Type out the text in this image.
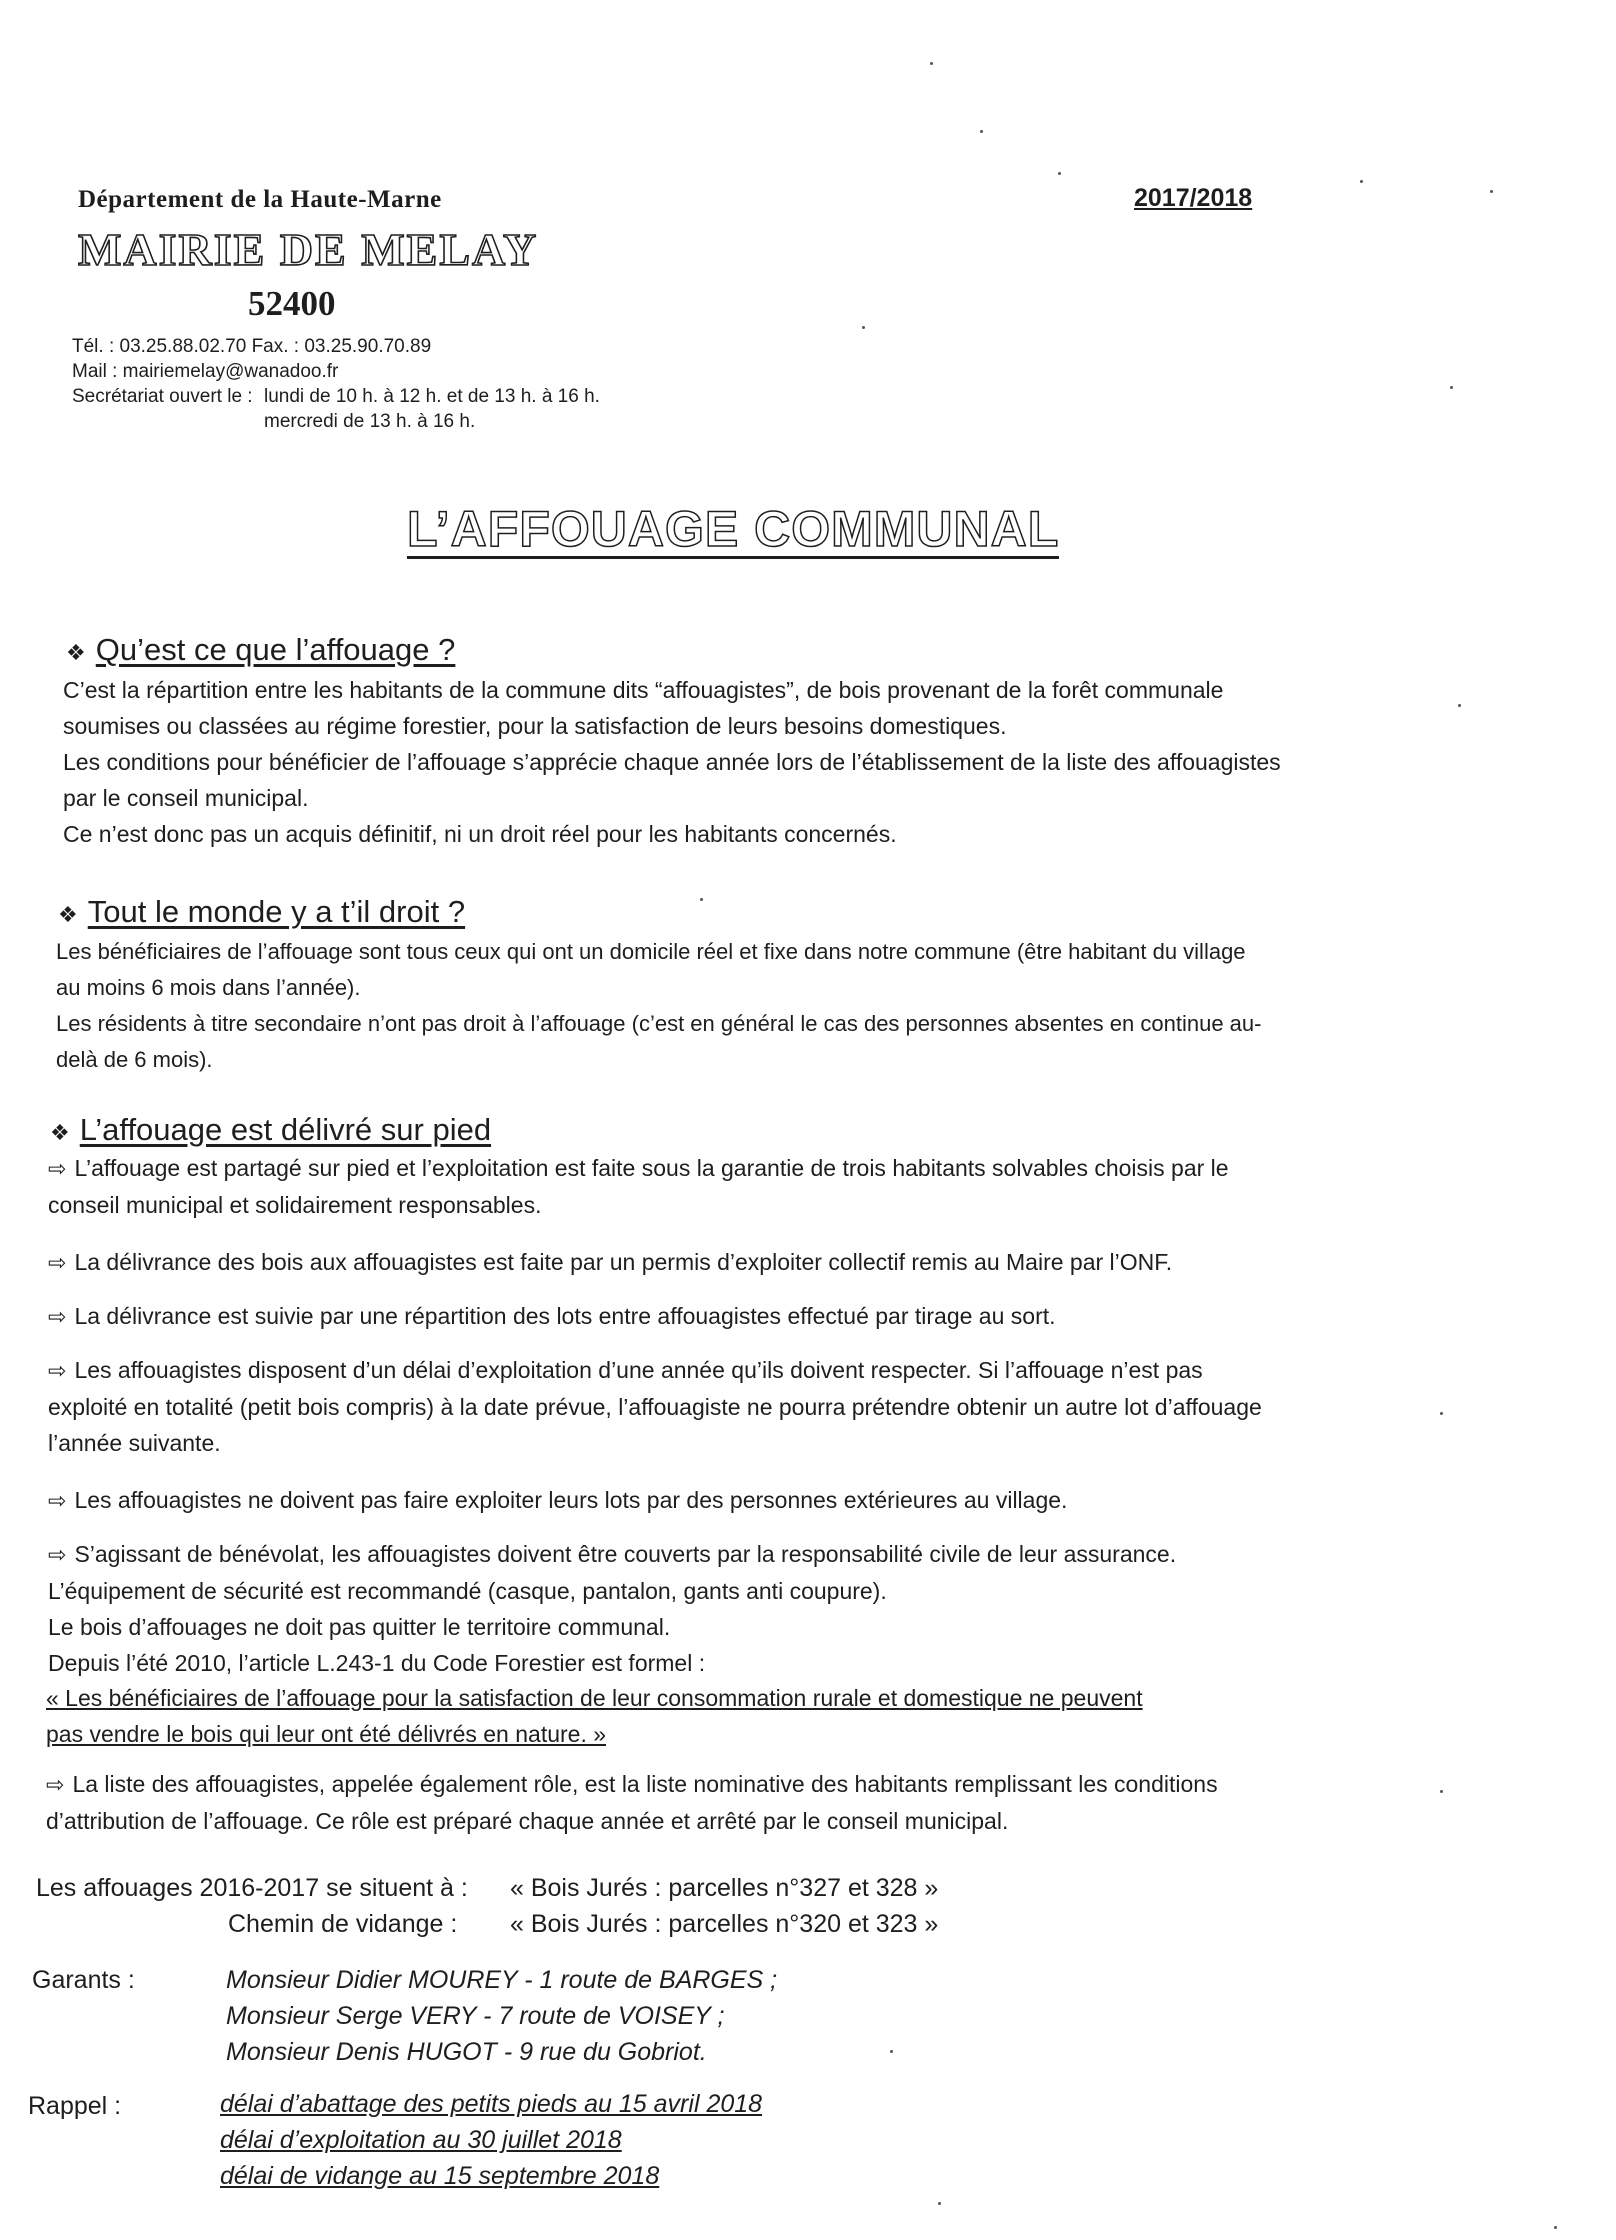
Département de la Haute-Marne
MAIRIE DE MELAY
52400
2017/2018
Tél. : 03.25.88.02.70 Fax. : 03.25.90.70.89
Mail : mairiemelay@wanadoo.fr
Secrétariat ouvert le : lundi de 10 h. à 12 h. et de 13 h. à 16 h.
mercredi de 13 h. à 16 h.
L’AFFOUAGE COMMUNAL
❖ Qu’est ce que l’affouage ?
C’est la répartition entre les habitants de la commune dits “affouagistes”, de bois provenant de la forêt communale
soumises ou classées au régime forestier, pour la satisfaction de leurs besoins domestiques.
Les conditions pour bénéficier de l’affouage s’apprécie chaque année lors de l’établissement de la liste des affouagistes
par le conseil municipal.
Ce n’est donc pas un acquis définitif, ni un droit réel pour les habitants concernés.
❖ Tout le monde y a t’il droit ?
Les bénéficiaires de l’affouage sont tous ceux qui ont un domicile réel et fixe dans notre commune (être habitant du village
au moins 6 mois dans l’année).
Les résidents à titre secondaire n’ont pas droit à l’affouage (c’est en général le cas des personnes absentes en continue au-
delà de 6 mois).
❖ L’affouage est délivré sur pied
⇨ L’affouage est partagé sur pied et l’exploitation est faite sous la garantie de trois habitants solvables choisis par le
conseil municipal et solidairement responsables.
⇨ La délivrance des bois aux affouagistes est faite par un permis d’exploiter collectif remis au Maire par l’ONF.
⇨ La délivrance est suivie par une répartition des lots entre affouagistes effectué par tirage au sort.
⇨ Les affouagistes disposent d’un délai d’exploitation d’une année qu’ils doivent respecter. Si l’affouage n’est pas
exploité en totalité (petit bois compris) à la date prévue, l’affouagiste ne pourra prétendre obtenir un autre lot d’affouage
l’année suivante.
⇨ Les affouagistes ne doivent pas faire exploiter leurs lots par des personnes extérieures au village.
⇨ S’agissant de bénévolat, les affouagistes doivent être couverts par la responsabilité civile de leur assurance.
L’équipement de sécurité est recommandé (casque, pantalon, gants anti coupure).
Le bois d’affouages ne doit pas quitter le territoire communal.
Depuis l’été 2010, l’article L.243-1 du Code Forestier est formel :
« Les bénéficiaires de l’affouage pour la satisfaction de leur consommation rurale et domestique ne peuvent
pas vendre le bois qui leur ont été délivrés en nature. »
⇨ La liste des affouagistes, appelée également rôle, est la liste nominative des habitants remplissant les conditions
d’attribution de l’affouage. Ce rôle est préparé chaque année et arrêté par le conseil municipal.
Les affouages 2016-2017 se situent à : « Bois Jurés : parcelles n°327 et 328 »
Chemin de vidange : « Bois Jurés : parcelles n°320 et 323 »
Garants :	Monsieur Didier MOUREY - 1 route de BARGES ;
Monsieur Serge VERY - 7 route de VOISEY ;
Monsieur Denis HUGOT - 9 rue du Gobriot.
Rappel :	délai d’abattage des petits pieds au 15 avril 2018
délai d’exploitation au 30 juillet 2018
délai de vidange au 15 septembre 2018
